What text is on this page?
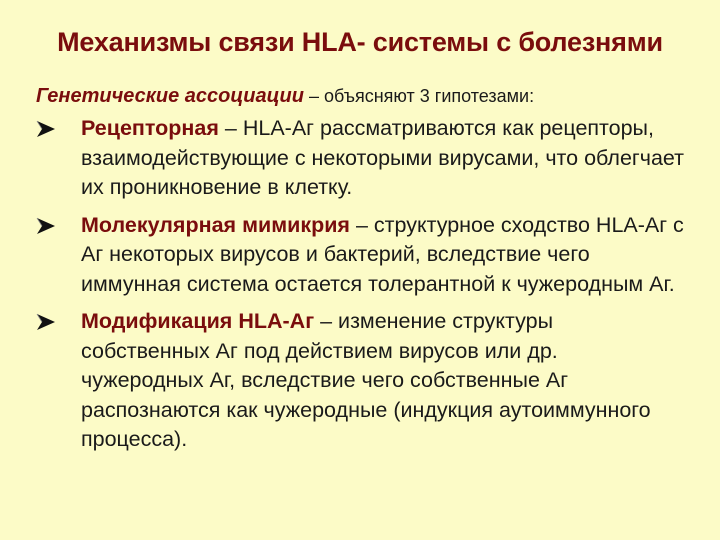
Механизмы связи HLA- системы с болезнями
Генетические ассоциации – объясняют 3 гипотезами:
Рецепторная – HLA-Аг рассматриваются как рецепторы, взаимодействующие с некоторыми вирусами, что облегчает их проникновение в клетку.
Молекулярная мимикрия – структурное сходство HLA-Аг с Аг некоторых вирусов и бактерий, вследствие чего иммунная система остается толерантной к чужеродным Аг.
Модификация HLA-Аг – изменение структуры собственных Аг под действием вирусов или др. чужеродных Аг, вследствие чего собственные Аг распознаются как чужеродные (индукция аутоиммунного процесса).
